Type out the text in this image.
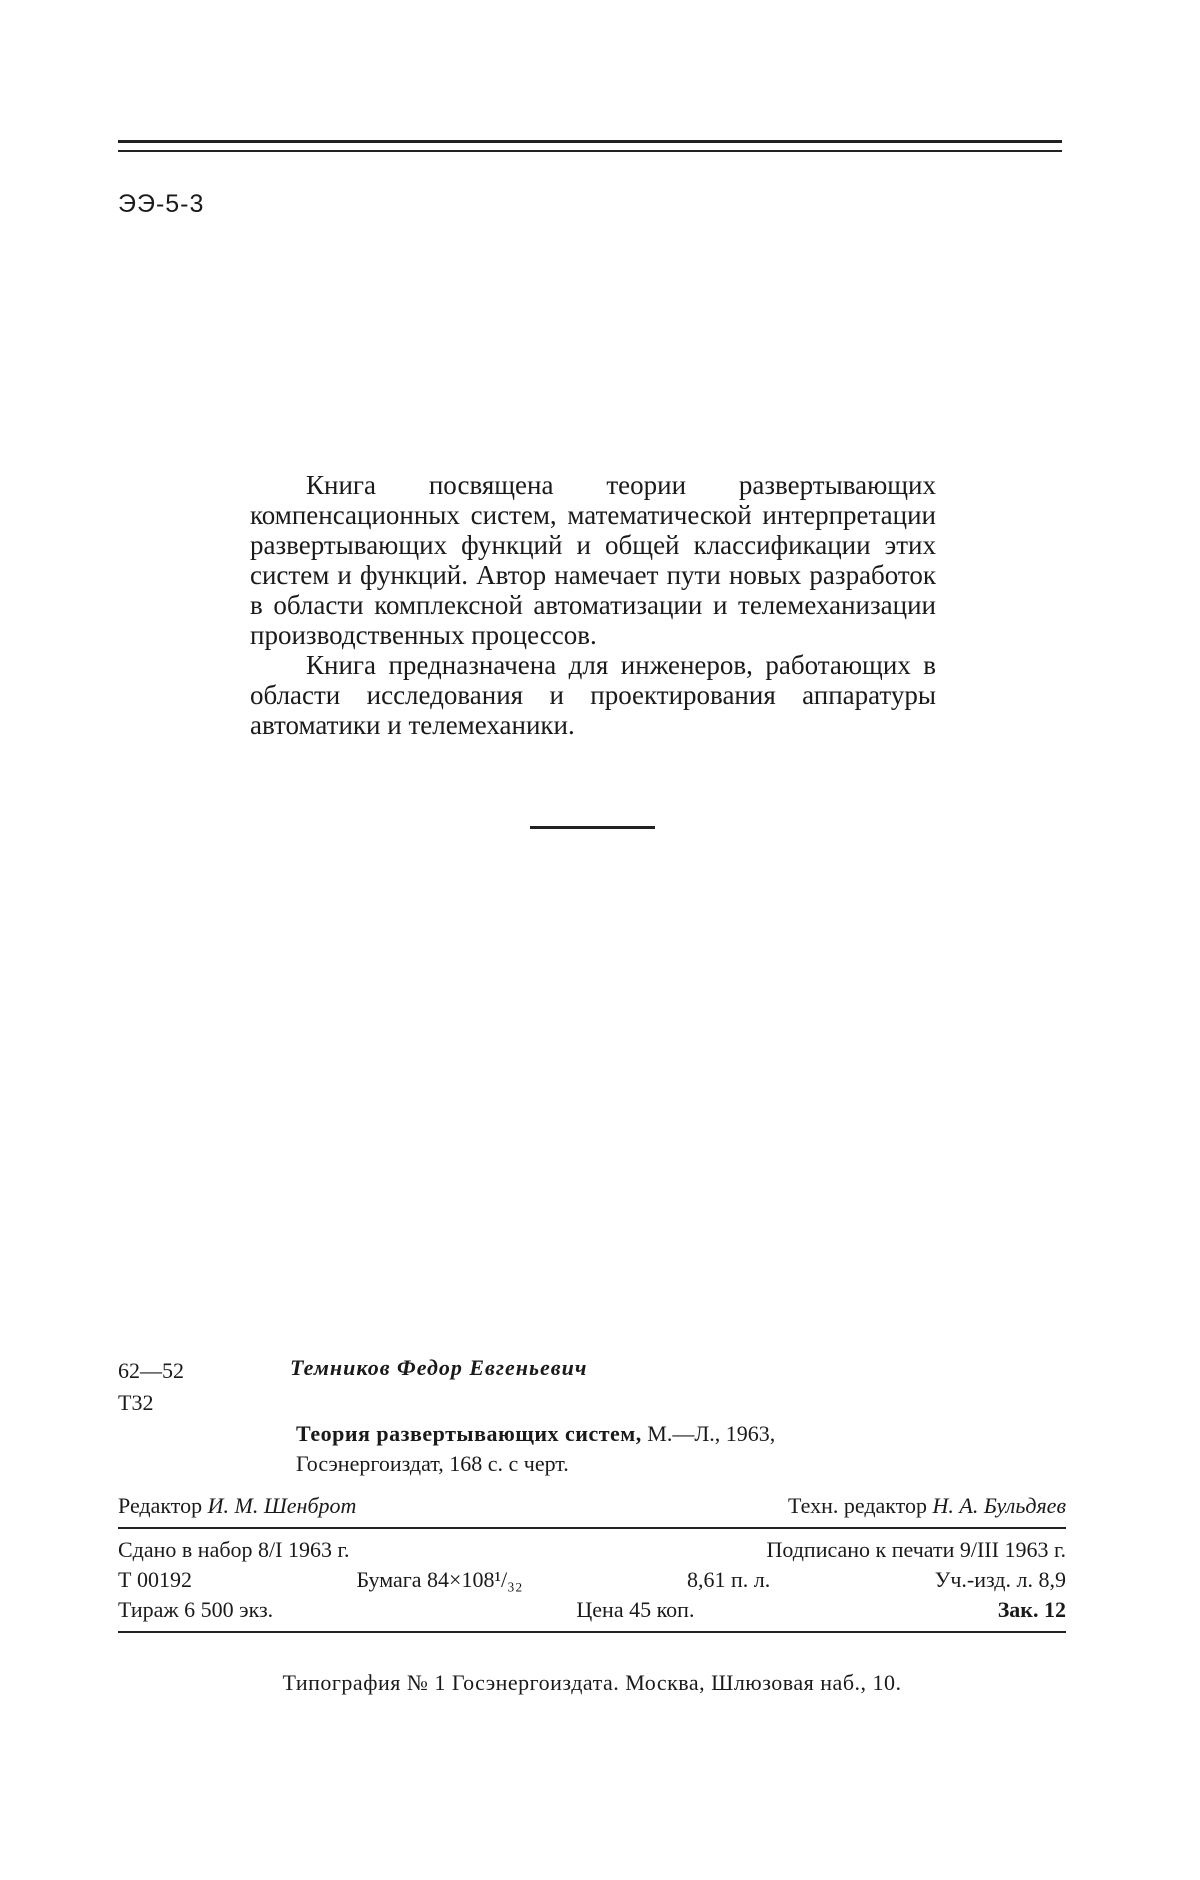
ЭЭ-5-3

Книга посвящена теории развертывающих компенсационных систем, математической интерпретации развертывающих функций и общей классификации этих систем и функций. Автор намечает пути новых разработок в области комплексной автоматизации и телемеханизации производственных процессов.

Книга предназначена для инженеров, работающих в области исследования и проектирования аппаратуры автоматики и телемеханики.

62—52
Т32
Темников Федор Евгеньевич
Теория развертывающих систем, М.—Л., 1963,
Госэнергоиздат, 168 с. с черт.
Редактор И. М. Шенброт	Техн. редактор Н. А. Бульдяев
Сдано в набор 8/I 1963 г.	Подписано к печати 9/III 1963 г.
Т 00192	Бумага 84×108¹/₃₂	8,61 п. л.	Уч.-изд. л. 8,9
Тираж 6 500 экз.	Цена 45 коп.	Зак. 12
Типография № 1 Госэнергоиздата. Москва, Шлюзовая наб., 10.
